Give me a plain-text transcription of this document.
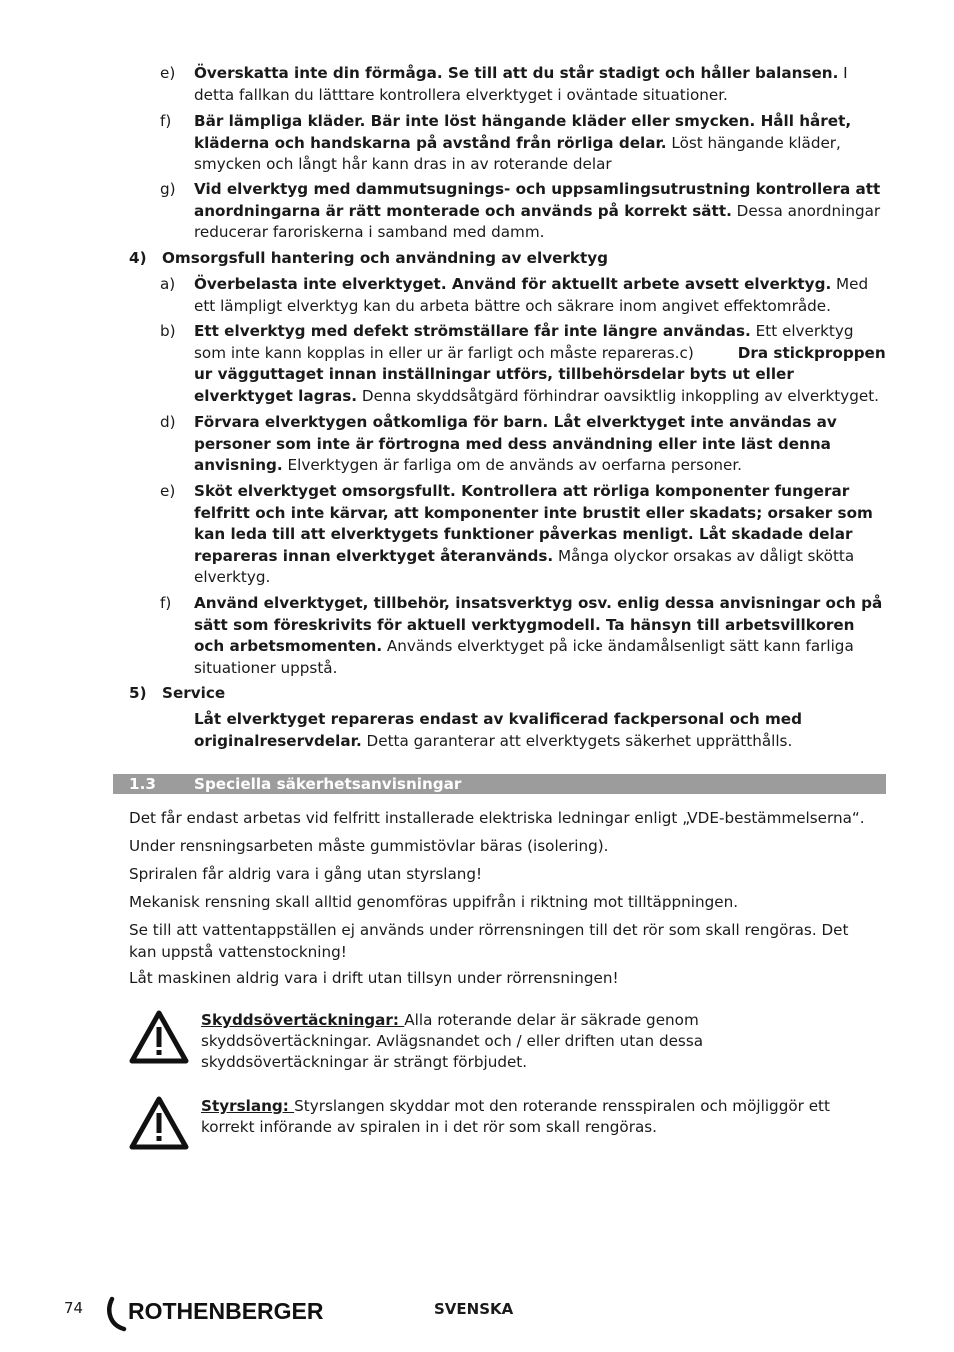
e) Överskatta inte din förmåga. Se till att du står stadigt och håller balansen. I detta fallkan du lätttare kontrollera elverktyget i oväntade situationer.
f) Bär lämpliga kläder. Bär inte löst hängande kläder eller smycken. Håll håret, kläderna och handskarna på avstånd från rörliga delar. Löst hängande kläder, smycken och långt hår kann dras in av roterande delar
g) Vid elverktyg med dammutsugnings- och uppsamlingsutrustning kontrollera att anordningarna är rätt monterade och används på korrekt sätt. Dessa anordningar reducerar faroriskerna i samband med damm.
4) Omsorgsfull hantering och användning av elverktyg
a) Överbelasta inte elverktyget. Använd för aktuellt arbete avsett elverktyg. Med ett lämpligt elverktyg kan du arbeta bättre och säkrare inom angivet effektområde.
b) Ett elverktyg med defekt strömställare får inte längre användas. Ett elverktyg som inte kann kopplas in eller ur är farligt och måste repareras.c)	Dra stickproppen ur vägguttaget innan inställningar utförs, tillbehörsdelar byts ut eller elverktyget lagras. Denna skyddsåtgärd förhindrar oavsiktlig inkoppling av elverktyget.
d) Förvara elverktygen oåtkomliga för barn. Låt elverktyget inte användas av personer som inte är förtrogna med dess användning eller inte läst denna anvisning. Elverktygen är farliga om de används av oerfarna personer.
e) Sköt elverktyget omsorgsfullt. Kontrollera att rörliga komponenter fungerar felfritt och inte kärvar, att komponenter inte brustit eller skadats; orsaker som kan leda till att elverktygets funktioner påverkas menligt. Låt skadade delar repareras innan elverktyget återanvänds. Många olyckor orsakas av dåligt skötta elverktyg.
f) Använd elverktyget, tillbehör, insatsverktyg osv. enlig dessa anvisningar och på sätt som föreskrivits för aktuell verktygmodell. Ta hänsyn till arbetsvillkoren och arbetsmomenten. Används elverktyget på icke ändamålsenligt sätt kann farliga situationer uppstå.
5) Service
Låt elverktyget repareras endast av kvalificerad fackpersonal och med originalreservdelar. Detta garanterar att elverktygets säkerhet upprätthålls.
1.3	Speciella säkerhetsanvisningar
Det får endast arbetas vid felfritt installerade elektriska ledningar enligt „VDE-bestämmelserna“.
Under rensningsarbeten måste gummistövlar bäras (isolering).
Spriralen får aldrig vara i gång utan styrslang!
Mekanisk rensning skall alltid genomföras uppifrån i riktning mot tilltäppningen.
Se till att vattentappställen ej används under rörrensningen till det rör som skall rengöras. Det kan uppstå vattenstockning!
Låt maskinen aldrig vara i drift utan tillsyn under rörrensningen!
Skyddsövertäckningar: Alla roterande delar är säkrade genom skyddsövertäckningar. Avlägsnandet och / eller driften utan dessa skyddsövertäckningar är strängt förbjudet.
Styrslang: Styrslangen skyddar mot den roterande rensspiralen och möjliggör ett korrekt införande av spiralen in i det rör som skall rengöras.
74 ROTHENBERGER	SVENSKA
